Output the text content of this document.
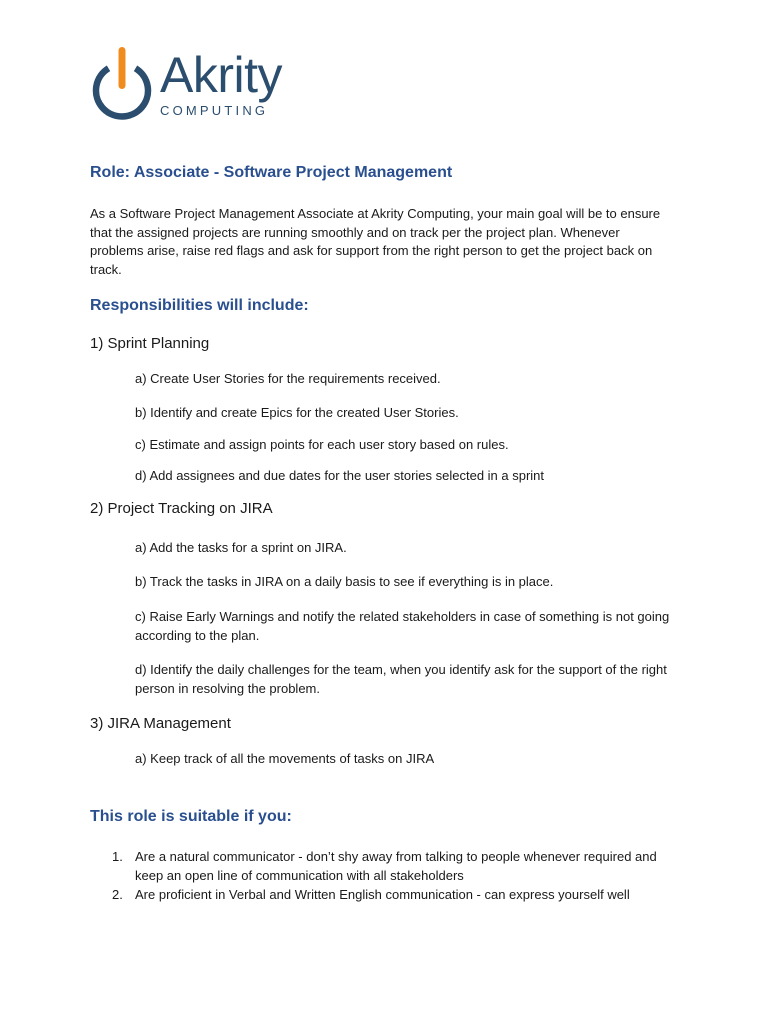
Akrity
COMPUTING
Role: Associate - Software Project Management
As a Software Project Management Associate at Akrity Computing, your main goal will be to ensure that the assigned projects are running smoothly and on track per the project plan. Whenever problems arise, raise red flags and ask for support from the right person to get the project back on track.
Responsibilities will include:
1) Sprint Planning
a) Create User Stories for the requirements received.
b) Identify and create Epics for the created User Stories.
c) Estimate and assign points for each user story based on rules.
d) Add assignees and due dates for the user stories selected in a sprint
2) Project Tracking on JIRA
a) Add the tasks for a sprint on JIRA.
b) Track the tasks in JIRA on a daily basis to see if everything is in place.
c) Raise Early Warnings and notify the related stakeholders in case of something is not going according to the plan.
d) Identify the daily challenges for the team, when you identify ask for the support of the right person in resolving the problem.
3) JIRA Management
a) Keep track of all the movements of tasks on JIRA
This role is suitable if you:
1. Are a natural communicator - don’t shy away from talking to people whenever required and keep an open line of communication with all stakeholders
2. Are proficient in Verbal and Written English communication - can express yourself well
